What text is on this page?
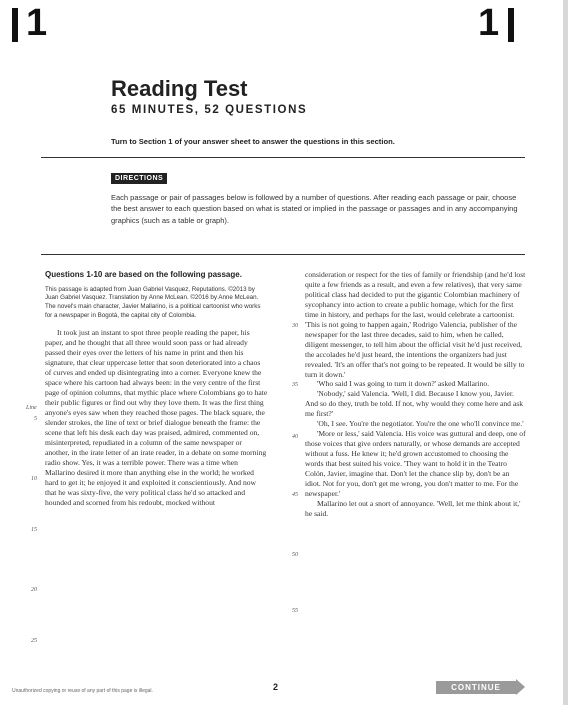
1	1
Reading Test
65 MINUTES, 52 QUESTIONS
Turn to Section 1 of your answer sheet to answer the questions in this section.
DIRECTIONS
Each passage or pair of passages below is followed by a number of questions. After reading each passage or pair, choose the best answer to each question based on what is stated or implied in the passage or passages and in any accompanying graphics (such as a table or graph).
Questions 1-10 are based on the following passage.
This passage is adapted from Juan Gabriel Vasquez, Reputations. ©2013 by Juan Gabriel Vasquez. Translation by Anne McLean. ©2016 by Anne McLean. The novel's main character, Javier Mallarino, is a political cartoonist who works for a newspaper in Bogotá, the capital city of Colombia.

It took just an instant to spot three people reading the paper, his paper, and he thought that all three would soon pass or had already passed their eyes over the letters of his name in print and then his signature, that clear uppercase letter that soon deteriorated into a chaos of curves and ended up disintegrating into a corner. Everyone knew the space where his cartoon had always been: in the very centre of the first page of opinion columns, that mythic place where Colombians go to hate their public figures or find out why they love them. It was the first thing anyone's eyes saw when they reached those pages. The black square, the slender strokes, the line of text or brief dialogue beneath the frame: the scene that left his desk each day was praised, admired, commented on, misinterpreted, repudiated in a column of the same newspaper or another, in the irate letter of an irate reader, in a debate on some morning radio show. Yes, it was a terrible power. There was a time when Mallarino desired it more than anything else in the world; he worked hard to get it; he enjoyed it and exploited it conscientiously. And now that he was sixty-five, the very political class he'd so attacked and hounded and scorned from his redoubt, mocked without

Line
5
10
15
20
25

consideration or respect for the ties of family or friendship (and he'd lost quite a few friends as a result, and even a few relatives), that very same political class had decided to put the gigantic Colombian machinery of sycophancy into action to create a public homage, which for the first time in history, and perhaps for the last, would celebrate a cartoonist. 'This is not going to happen again,' Rodrigo Valencia, publisher of the newspaper for the last three decades, said to him, when he called, diligent messenger, to tell him about the official visit he'd just received, the accolades he'd just heard, the intentions the organizers had just revealed. 'It's an offer that's not going to be repeated. It would be silly to turn it down.'

'Who said I was going to turn it down?' asked Mallarino.

'Nobody,' said Valencia. 'Well, I did. Because I know you, Javier. And so do they, truth be told. If not, why would they come here and ask me first?'

'Oh, I see. You're the negotiator. You're the one who'll convince me.'

'More or less,' said Valencia. His voice was guttural and deep, one of those voices that give orders naturally, or whose demands are accepted without a fuss. He knew it; he'd grown accustomed to choosing the words that best suited his voice. 'They want to hold it in the Teatro Colón, Javier, imagine that. Don't let the chance slip by, don't be an idiot. Not for you, don't get me wrong, you don't matter to me. For the newspaper.'

Mallarino let out a snort of annoyance. 'Well, let me think about it,' he said.

30
35
40
45
50
55
Unauthorized copying or reuse of any part of this page is illegal.	2	CONTINUE
